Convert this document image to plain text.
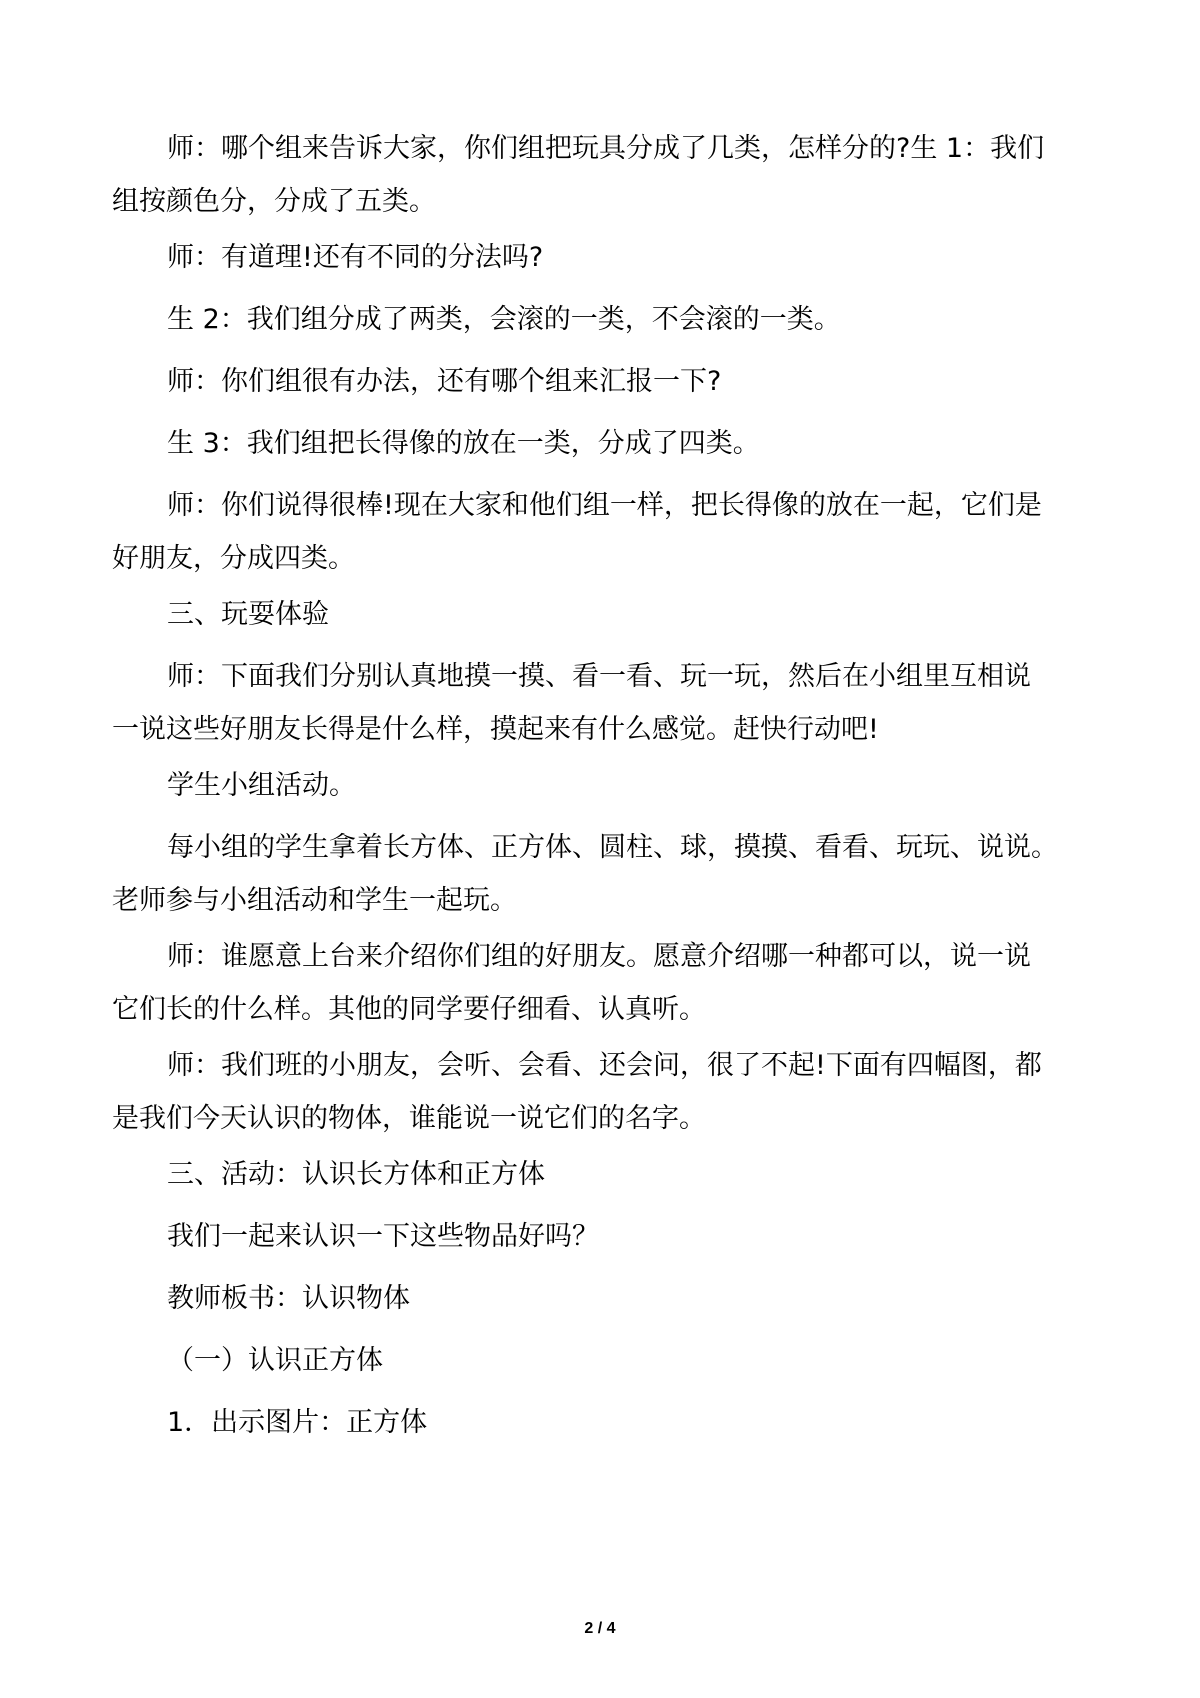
师：哪个组来告诉大家，你们组把玩具分成了几类，怎样分的?生 1：我们
组按颜色分，分成了五类。
师：有道理!还有不同的分法吗?
生 2：我们组分成了两类，会滚的一类，不会滚的一类。
师：你们组很有办法，还有哪个组来汇报一下?
生 3：我们组把长得像的放在一类，分成了四类。
师：你们说得很棒!现在大家和他们组一样，把长得像的放在一起，它们是
好朋友，分成四类。
三、玩耍体验
师：下面我们分别认真地摸一摸、看一看、玩一玩，然后在小组里互相说
一说这些好朋友长得是什么样，摸起来有什么感觉。赶快行动吧!
学生小组活动。
每小组的学生拿着长方体、正方体、圆柱、球，摸摸、看看、玩玩、说说。
老师参与小组活动和学生一起玩。
师：谁愿意上台来介绍你们组的好朋友。愿意介绍哪一种都可以，说一说
它们长的什么样。其他的同学要仔细看、认真听。
师：我们班的小朋友，会听、会看、还会问，很了不起!下面有四幅图，都
是我们今天认识的物体，谁能说一说它们的名字。
三、活动：认识长方体和正方体
我们一起来认识一下这些物品好吗？
教师板书：认识物体
（一）认识正方体
1．出示图片：正方体
2 / 4
